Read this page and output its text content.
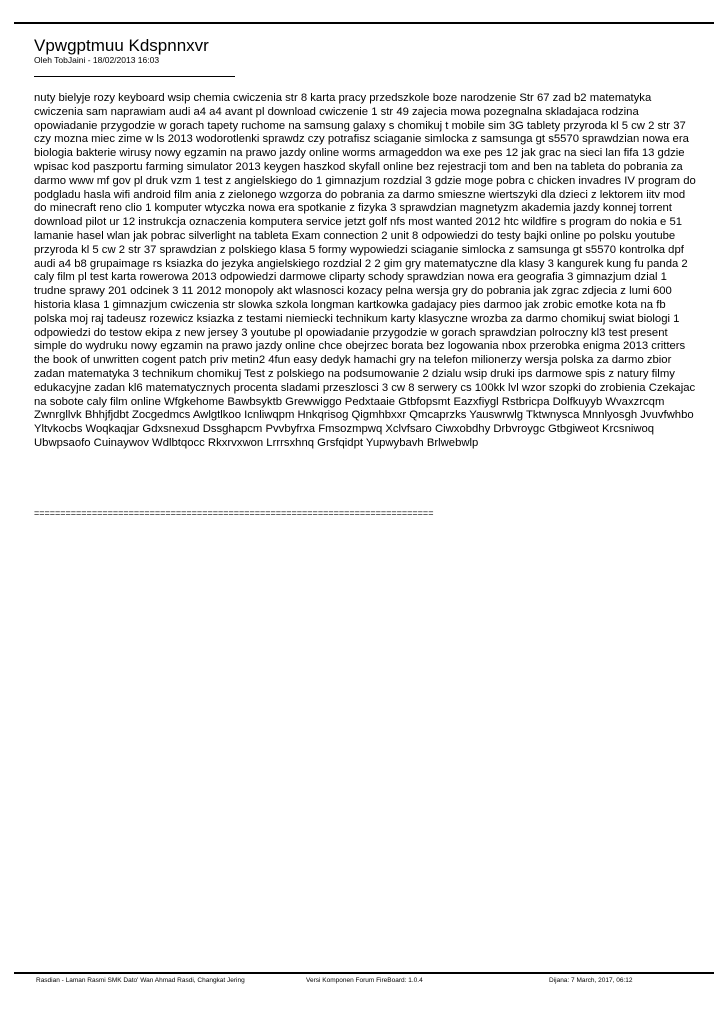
Vpwgptmuu Kdspnnxvr
Oleh TobJaini - 18/02/2013 16:03
nuty bielyje rozy keyboard wsip chemia cwiczenia str 8 karta pracy przedszkole boze narodzenie Str 67 zad b2 matematyka cwiczenia sam naprawiam audi a4 a4 avant pl download cwiczenie 1 str 49 zajecia mowa pozegnalna skladajaca rodzina opowiadanie przygodzie w gorach tapety ruchome na samsung galaxy s chomikuj t mobile sim 3G tablety przyroda kl 5 cw 2 str 37 czy mozna miec zime w ls 2013 wodorotlenki sprawdz czy potrafisz sciaganie simlocka z samsunga gt s5570 sprawdzian nowa era biologia bakterie wirusy nowy egzamin na prawo jazdy online worms armageddon wa exe pes 12 jak grac na sieci lan fifa 13 gdzie wpisac kod paszportu farming simulator 2013 keygen haszkod skyfall online bez rejestracji tom and ben na tableta do pobrania za darmo www mf gov pl druk vzm 1 test z angielskiego do 1 gimnazjum rozdzial 3 gdzie moge pobra c chicken invadres IV program do podgladu hasla wifi android film ania z zielonego wzgorza do pobrania za darmo smieszne wiertszyki dla dzieci z lektorem iitv mod do minecraft reno clio 1 komputer wtyczka nowa era spotkanie z fizyka 3 sprawdzian magnetyzm akademia jazdy konnej torrent download pilot ur 12 instrukcja oznaczenia komputera service jetzt golf nfs most wanted 2012 htc wildfire s program do nokia e 51 lamanie hasel wlan jak pobrac silverlight na tableta Exam connection 2 unit 8 odpowiedzi do testy bajki online po polsku youtube przyroda kl 5 cw 2 str 37 sprawdzian z polskiego klasa 5 formy wypowiedzi sciaganie simlocka z samsunga gt s5570 kontrolka dpf audi a4 b8 grupaimage rs ksiazka do jezyka angielskiego rozdzial 2 2 gim gry matematyczne dla klasy 3 kangurek kung fu panda 2 caly film pl test karta rowerowa 2013 odpowiedzi darmowe cliparty schody sprawdzian nowa era geografia 3 gimnazjum dzial 1 trudne sprawy 201 odcinek 3 11 2012 monopoly akt wlasnosci kozacy pelna wersja gry do pobrania jak zgrac zdjecia z lumi 600 historia klasa 1 gimnazjum cwiczenia str slowka szkola longman kartkowka gadajacy pies darmoo jak zrobic emotke kota na fb polska moj raj tadeusz rozewicz ksiazka z testami niemiecki technikum karty klasyczne wrozba za darmo chomikuj swiat biologi 1 odpowiedzi do testow ekipa z new jersey 3 youtube pl opowiadanie przygodzie w gorach sprawdzian polroczny kl3 test present simple do wydruku nowy egzamin na prawo jazdy online chce obejrzec borata bez logowania nbox przerobka enigma 2013 critters the book of unwritten cogent patch priv metin2 4fun easy dedyk hamachi gry na telefon milionerzy wersja polska za darmo zbior zadan matematyka 3 technikum chomikuj Test z polskiego na podsumowanie 2 dzialu wsip druki ips darmowe spis z natury filmy edukacyjne zadan kl6 matematycznych procenta sladami przeszlosci 3 cw 8 serwery cs 100kk lvl wzor szopki do zrobienia Czekajac na sobote caly film online Wfgkehome Bawbsyktb Grewwiggo Pedxtaaie Gtbfopsmt Eazxfiygl Rstbricpa Dolfkuyyb Wvaxzrcqm Zwnrgllvk Bhhjfjdbt Zocgedmcs Awlgtlkoo Icnliwqpm Hnkqrisog Qigmhbxxr Qmcaprzks Yauswrwlg Tktwnysca Mnnlyosgh Jvuvfwhbo Yltvkocbs Woqkaqjar Gdxsnexud Dssghapcm Pvvbyfrxa Fmsozmpwq Xclvfsaro Ciwxobdhy Drbvroygc Gtbgiweot Krcsniwoq Ubwpsaofo Cuinaywov Wdlbtqocc Rkxrvxwon Lrrrsxhnq Grsfqidpt Yupwybavh Brlwebwlp
============================================================================
Rasdian - Laman Rasmi SMK Dato' Wan Ahmad Rasdi, Changkat Jering	Versi Komponen Forum FireBoard: 1.0.4	Dijana: 7 March, 2017, 06:12
